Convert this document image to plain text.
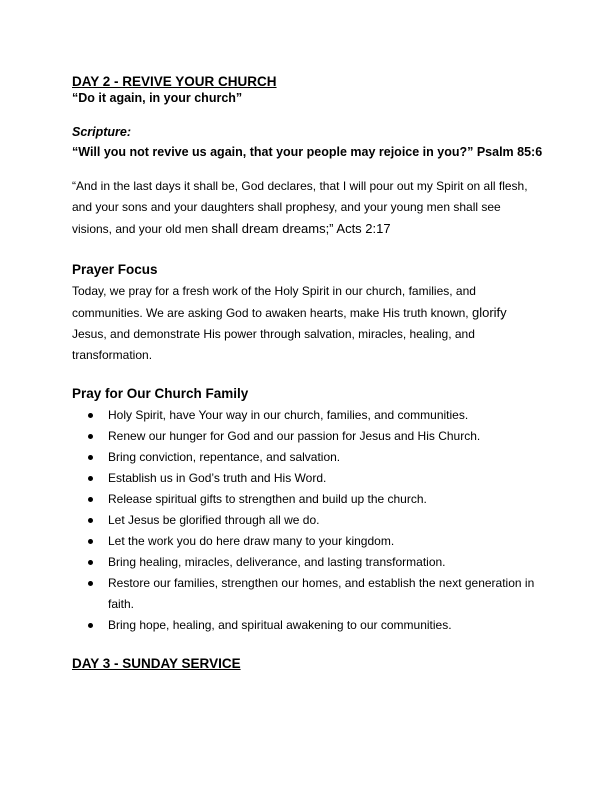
DAY 2 - REVIVE YOUR CHURCH
“Do it again, in your church”
Scripture:
“Will you not revive us again, that your people may rejoice in you?” Psalm 85:6
“And in the last days it shall be, God declares, that I will pour out my Spirit on all flesh,
and your sons and your daughters shall prophesy, and your young men shall see
visions, and your old men shall dream dreams;” Acts 2:17
Prayer Focus
Today, we pray for a fresh work of the Holy Spirit in our church, families, and
communities. We are asking God to awaken hearts, make His truth known, glorify
Jesus, and demonstrate His power through salvation, miracles, healing, and
transformation.
Pray for Our Church Family
Holy Spirit, have Your way in our church, families, and communities.
Renew our hunger for God and our passion for Jesus and His Church.
Bring conviction, repentance, and salvation.
Establish us in God’s truth and His Word.
Release spiritual gifts to strengthen and build up the church.
Let Jesus be glorified through all we do.
Let the work you do here draw many to your kingdom.
Bring healing, miracles, deliverance, and lasting transformation.
Restore our families, strengthen our homes, and establish the next generation in faith.
Bring hope, healing, and spiritual awakening to our communities.
DAY 3 - SUNDAY SERVICE
